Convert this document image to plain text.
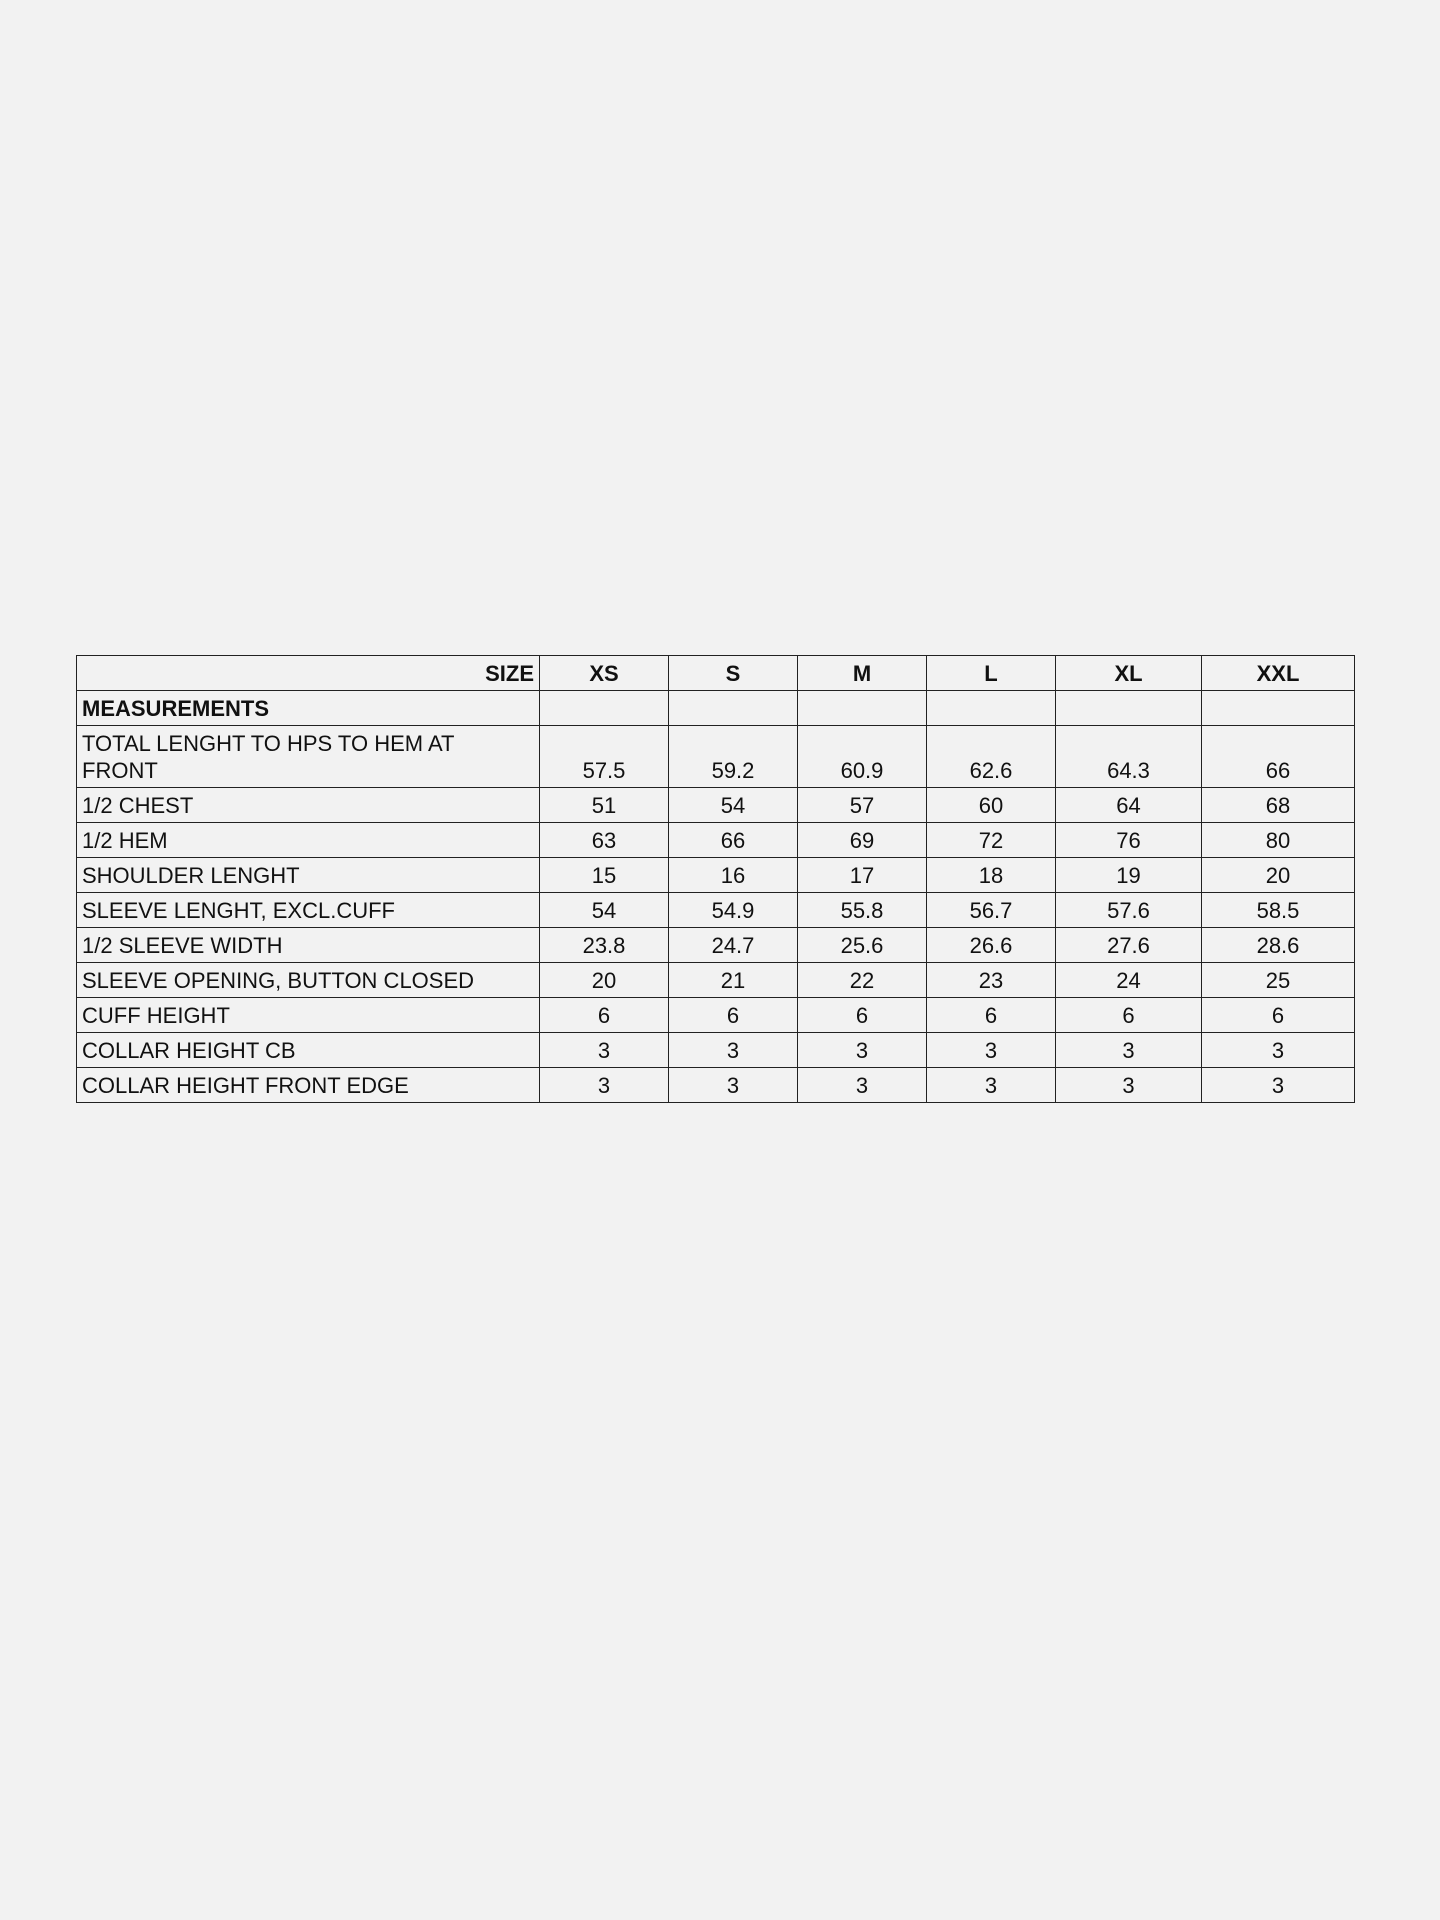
SIZE	XS	S	M	L	XL	XXL
MEASUREMENTS						
TOTAL LENGHT TO HPS TO HEM AT FRONT	57.5	59.2	60.9	62.6	64.3	66
1/2 CHEST	51	54	57	60	64	68
1/2 HEM	63	66	69	72	76	80
SHOULDER LENGHT	15	16	17	18	19	20
SLEEVE LENGHT, EXCL.CUFF	54	54.9	55.8	56.7	57.6	58.5
1/2 SLEEVE WIDTH	23.8	24.7	25.6	26.6	27.6	28.6
SLEEVE OPENING, BUTTON CLOSED	20	21	22	23	24	25
CUFF HEIGHT	6	6	6	6	6	6
COLLAR HEIGHT CB	3	3	3	3	3	3
COLLAR HEIGHT FRONT EDGE	3	3	3	3	3	3
